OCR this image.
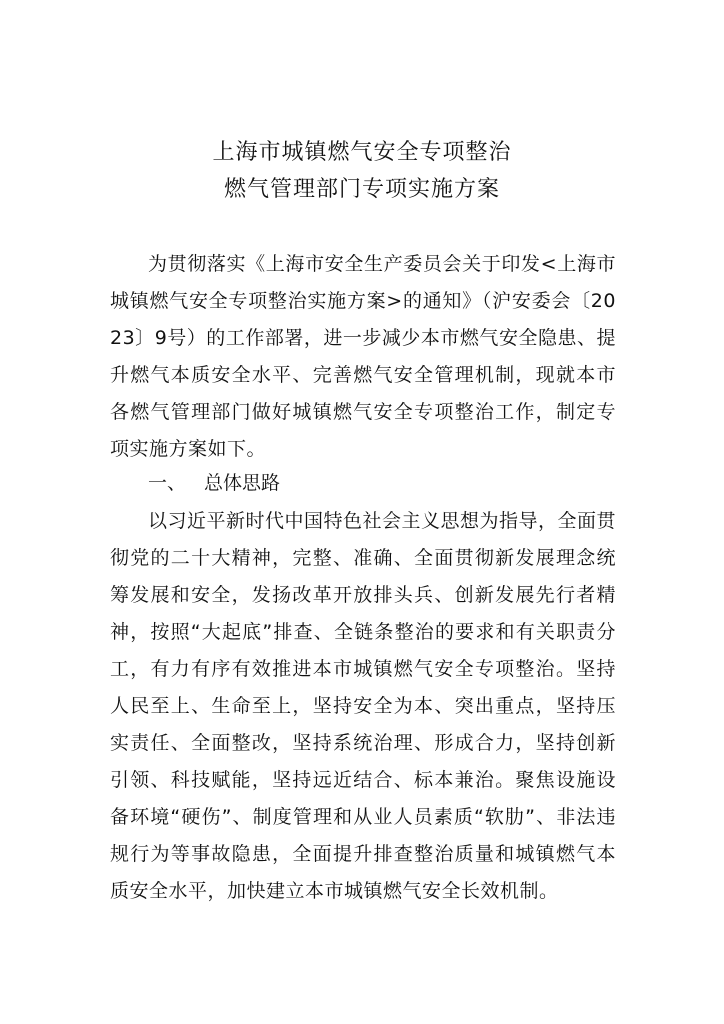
上海市城镇燃气安全专项整治
燃气管理部门专项实施方案

为贯彻落实《上海市安全生产委员会关于印发<上海市城镇燃气安全专项整治实施方案>的通知》（沪安委会〔2023〕9号）的工作部署，进一步减少本市燃气安全隐患、提升燃气本质安全水平、完善燃气安全管理机制，现就本市各燃气管理部门做好城镇燃气安全专项整治工作，制定专项实施方案如下。

一、 总体思路

以习近平新时代中国特色社会主义思想为指导，全面贯彻党的二十大精神，完整、准确、全面贯彻新发展理念统筹发展和安全，发扬改革开放排头兵、创新发展先行者精神，按照“大起底”排查、全链条整治的要求和有关职责分工，有力有序有效推进本市城镇燃气安全专项整治。坚持人民至上、生命至上，坚持安全为本、突出重点，坚持压实责任、全面整改，坚持系统治理、形成合力，坚持创新引领、科技赋能，坚持远近结合、标本兼治。聚焦设施设备环境“硬伤”、制度管理和从业人员素质“软肋”、非法违规行为等事故隐患，全面提升排查整治质量和城镇燃气本质安全水平，加快建立本市城镇燃气安全长效机制。
